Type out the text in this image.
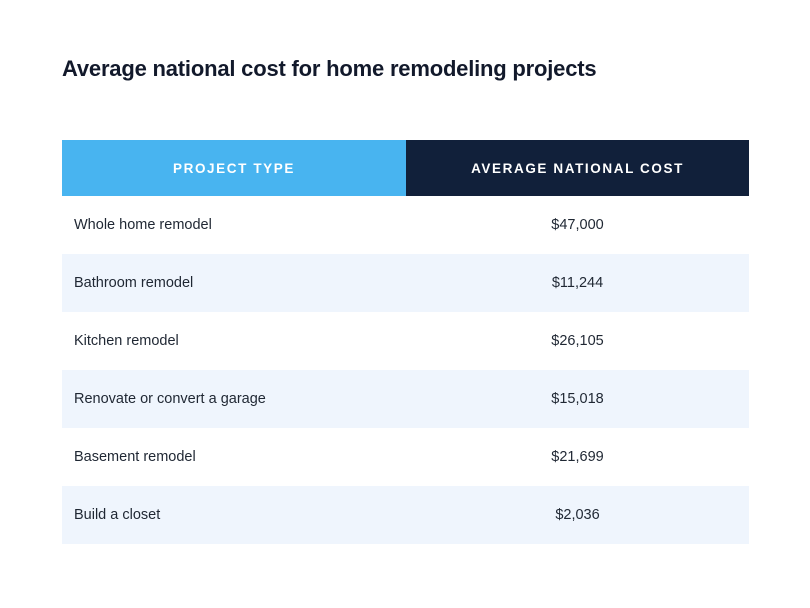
Average national cost for home remodeling projects
PROJECT TYPE	AVERAGE NATIONAL COST
Whole home remodel	$47,000
Bathroom remodel	$11,244
Kitchen remodel	$26,105
Renovate or convert a garage	$15,018
Basement remodel	$21,699
Build a closet	$2,036
